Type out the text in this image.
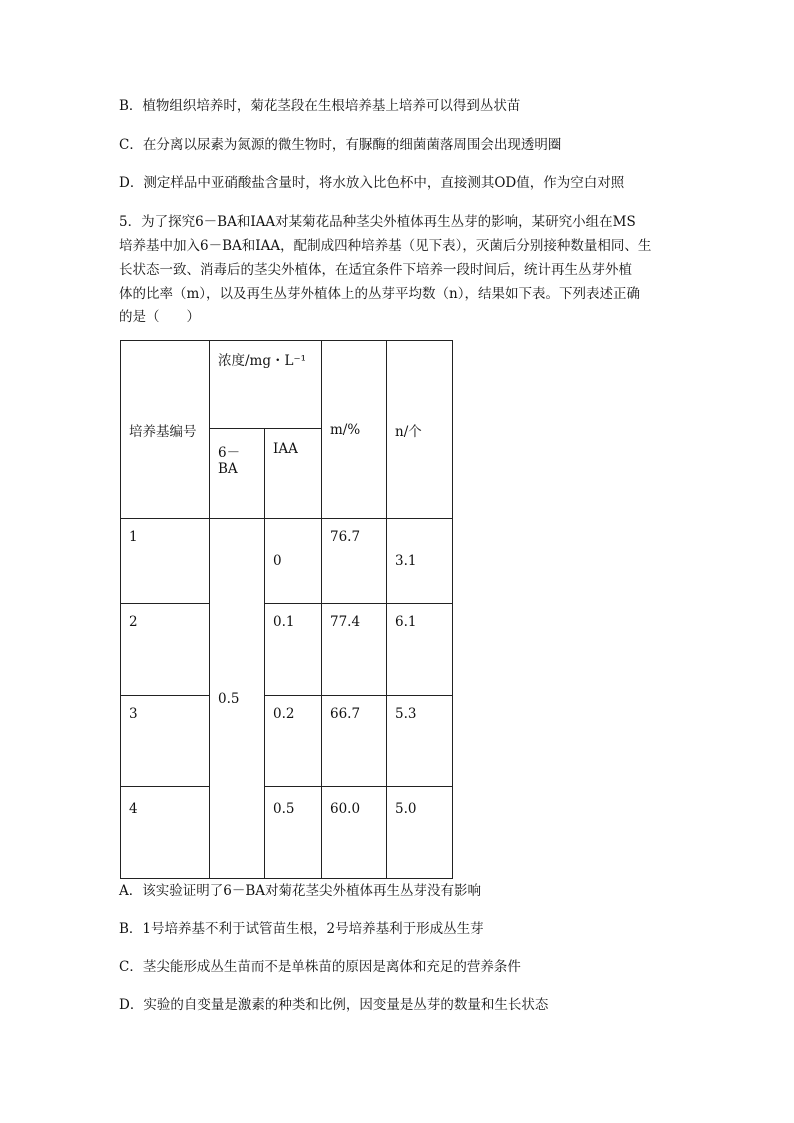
B．植物组织培养时，菊花茎段在生根培养基上培养可以得到丛状苗
C．在分离以尿素为氮源的微生物时，有脲酶的细菌菌落周围会出现透明圈
D．测定样品中亚硝酸盐含量时，将水放入比色杯中，直接测其OD值，作为空白对照
5．为了探究6－BA和IAA对某菊花品种茎尖外植体再生丛芽的影响，某研究小组在MS
培养基中加入6－BA和IAA，配制成四种培养基（见下表），灭菌后分别接种数量相同、生
长状态一致、消毒后的茎尖外植体，在适宜条件下培养一段时间后，统计再生丛芽外植
体的比率（m），以及再生丛芽外植体上的丛芽平均数（n），结果如下表。下列表述正确
的是（　　）
培养基编号	浓度/mg・L⁻¹		m/%	n/个

	6－BA	IAA		

1	0.5	0	76.7	3.1

2		0.1	77.4	6.1

3		0.2	66.7	5.3

4		0.5	60.0	5.0
A．该实验证明了6－BA对菊花茎尖外植体再生丛芽没有影响
B．1号培养基不利于试管苗生根，2号培养基利于形成丛生芽
C．茎尖能形成丛生苗而不是单株苗的原因是离体和充足的营养条件
D．实验的自变量是激素的种类和比例，因变量是丛芽的数量和生长状态
